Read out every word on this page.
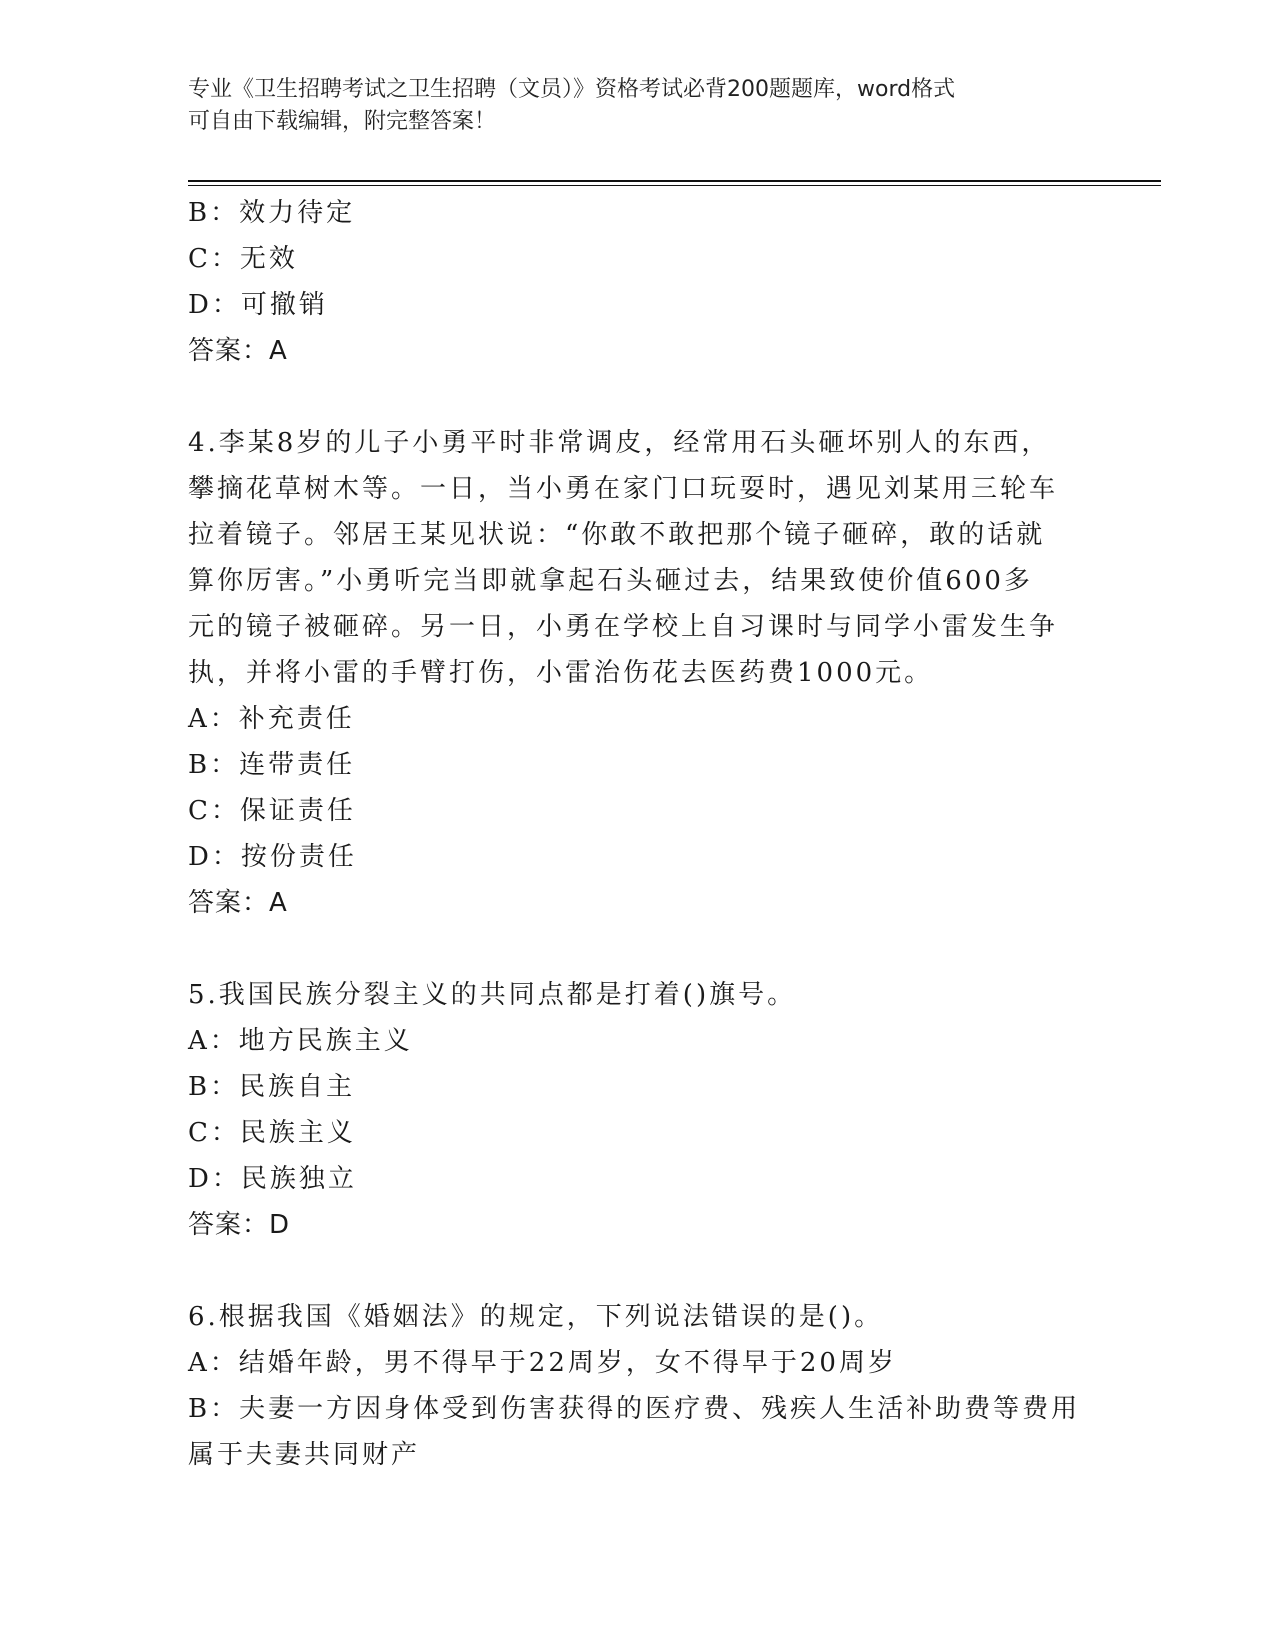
专业《卫生招聘考试之卫生招聘（文员）》资格考试必背200题题库，word格式
可自由下载编辑，附完整答案！
B：效力待定
C：无效
D：可撤销
答案：A
4.李某8岁的儿子小勇平时非常调皮，经常用石头砸坏别人的东西，
攀摘花草树木等。一日，当小勇在家门口玩耍时，遇见刘某用三轮车
拉着镜子。邻居王某见状说：“你敢不敢把那个镜子砸碎，敢的话就
算你厉害。”小勇听完当即就拿起石头砸过去，结果致使价值600多
元的镜子被砸碎。另一日，小勇在学校上自习课时与同学小雷发生争
执，并将小雷的手臂打伤，小雷治伤花去医药费1000元。
A：补充责任
B：连带责任
C：保证责任
D：按份责任
答案：A
5.我国民族分裂主义的共同点都是打着()旗号。
A：地方民族主义
B：民族自主
C：民族主义
D：民族独立
答案：D
6.根据我国《婚姻法》的规定，下列说法错误的是()。
A：结婚年龄，男不得早于22周岁，女不得早于20周岁
B：夫妻一方因身体受到伤害获得的医疗费、残疾人生活补助费等费用
属于夫妻共同财产
